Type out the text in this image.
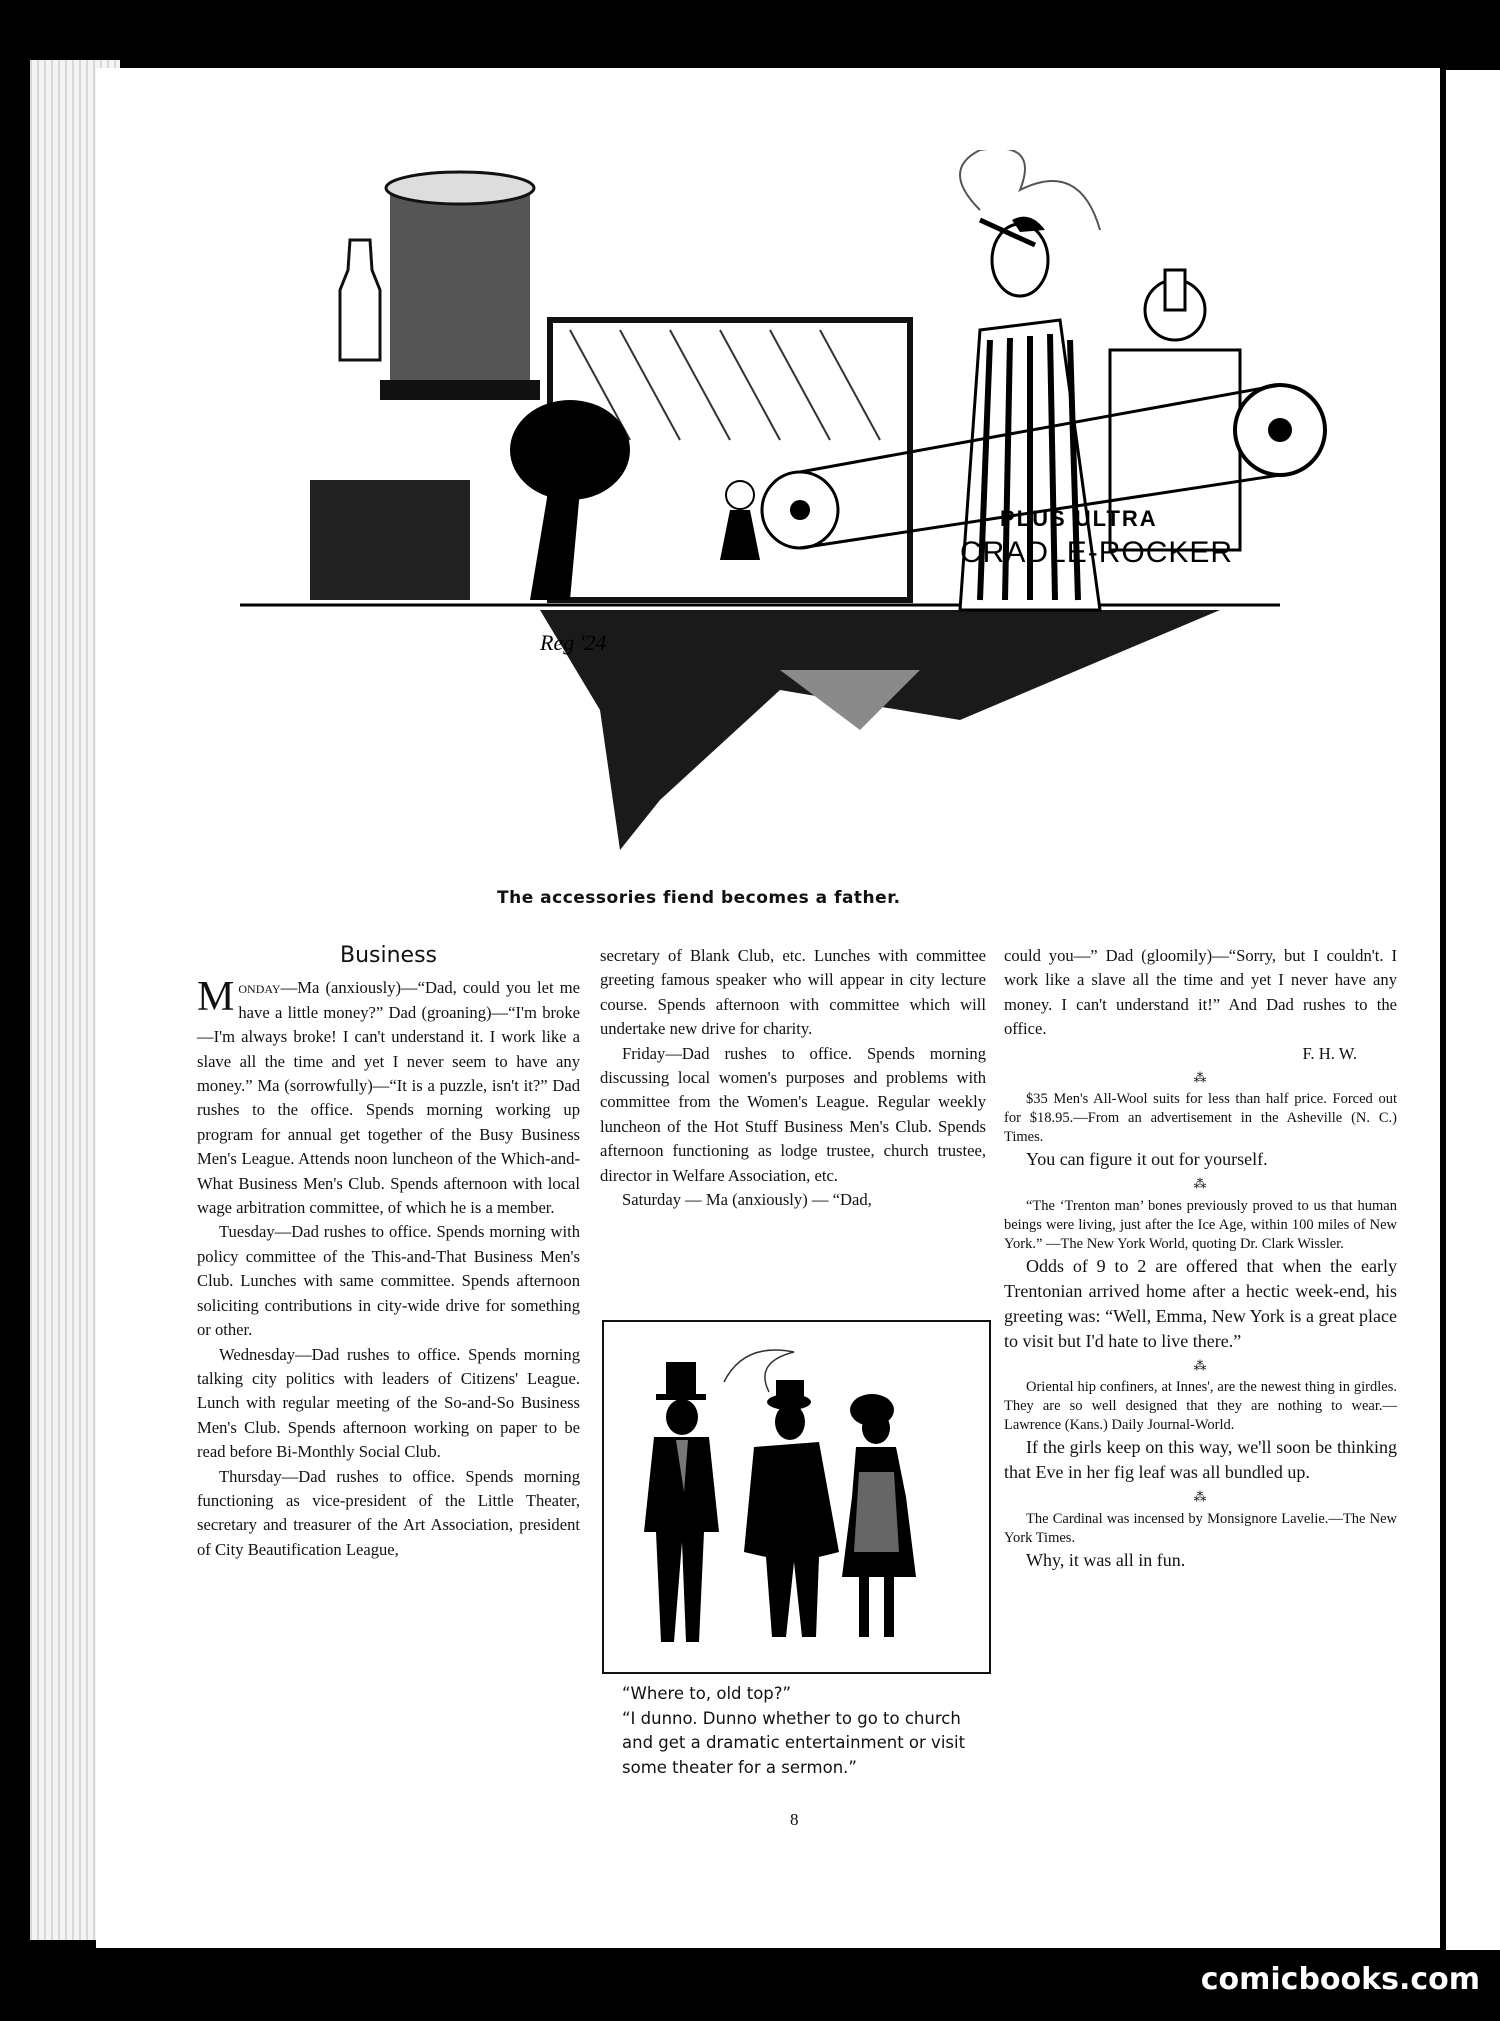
PLUS ULTRA
CRADLE-ROCKER
Reg '24
The accessories fiend becomes a father.
Business

Monday—Ma (anxiously)—“Dad, could you let me have a little money?” Dad (groaning)—“I'm broke—I'm always broke! I can't understand it. I work like a slave all the time and yet I never seem to have any money.” Ma (sorrowfully)—“It is a puzzle, isn't it?” Dad rushes to the office. Spends morning working up program for annual get together of the Busy Business Men's League. Attends noon luncheon of the Which-and-What Business Men's Club. Spends afternoon with local wage arbitration committee, of which he is a member.

Tuesday—Dad rushes to office. Spends morning with policy committee of the This-and-That Business Men's Club. Lunches with same committee. Spends afternoon soliciting contributions in city-wide drive for something or other.

Wednesday—Dad rushes to office. Spends morning talking city politics with leaders of Citizens' League. Lunch with regular meeting of the So-and-So Business Men's Club. Spends afternoon working on paper to be read before Bi-Monthly Social Club.

Thursday—Dad rushes to office. Spends morning functioning as vice-president of the Little Theater, secretary and treasurer of the Art Association, president of City Beautification League,

secretary of Blank Club, etc. Lunches with committee greeting famous speaker who will appear in city lecture course. Spends afternoon with committee which will undertake new drive for charity.

Friday—Dad rushes to office. Spends morning discussing local women's purposes and problems with committee from the Women's League. Regular weekly luncheon of the Hot Stuff Business Men's Club. Spends afternoon functioning as lodge trustee, church trustee, director in Welfare Association, etc.

Saturday — Ma (anxiously) — “Dad,

“Where to, old top?”

“I dunno. Dunno whether to go to church and get a dramatic entertainment or visit some theater for a sermon.”

could you—” Dad (gloomily)—“Sorry, but I couldn't. I work like a slave all the time and yet I never have any money. I can't understand it!” And Dad rushes to the office.

F. H. W.

⁂

$35 Men's All-Wool suits for less than half price. Forced out for $18.95.—From an advertisement in the Asheville (N. C.) Times.

You can figure it out for yourself.

⁂

“The ‘Trenton man’ bones previously proved to us that human beings were living, just after the Ice Age, within 100 miles of New York.” —The New York World, quoting Dr. Clark Wissler.

Odds of 9 to 2 are offered that when the early Trentonian arrived home after a hectic week-end, his greeting was: “Well, Emma, New York is a great place to visit but I'd hate to live there.”

⁂

Oriental hip confiners, at Innes', are the newest thing in girdles. They are so well designed that they are nothing to wear.—Lawrence (Kans.) Daily Journal-World.

If the girls keep on this way, we'll soon be thinking that Eve in her fig leaf was all bundled up.

⁂

The Cardinal was incensed by Monsignore Lavelie.—The New York Times.

Why, it was all in fun.

8
comicbooks.com
